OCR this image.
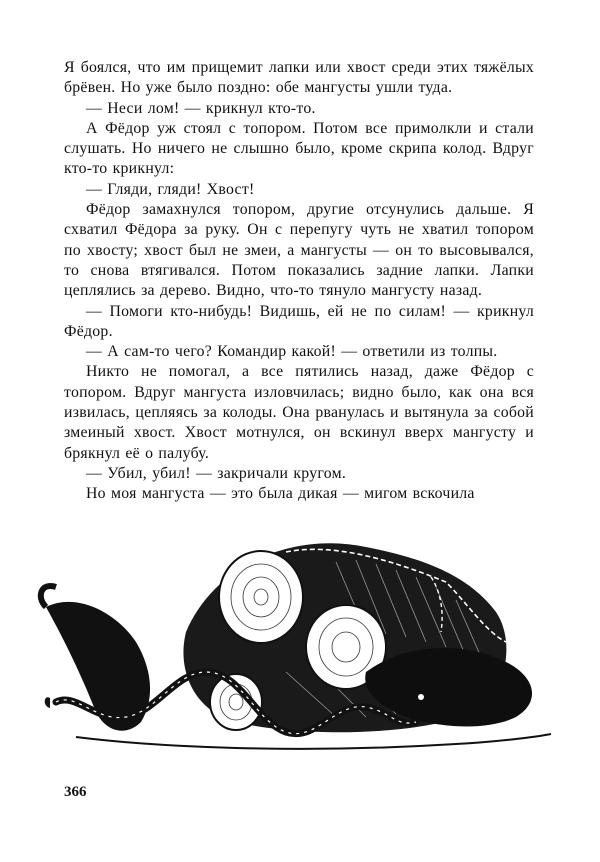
Я боялся, что им прищемит лапки или хвост среди этих тяжёлых брёвен. Но уже было поздно: обе мангусты ушли туда.

— Неси лом! — крикнул кто-то.

А Фёдор уж стоял с топором. Потом все примолкли и стали слушать. Но ничего не слышно было, кроме скрипа колод. Вдруг кто-то крикнул:

— Гляди, гляди! Хвост!

Фёдор замахнулся топором, другие отсунулись дальше. Я схватил Фёдора за руку. Он с перепугу чуть не хватил топором по хвосту; хвост был не змеи, а мангусты — он то высовывался, то снова втягивался. Потом показались задние лапки. Лапки цеплялись за дерево. Видно, что-то тянуло мангусту назад.

— Помоги кто-нибудь! Видишь, ей не по силам! — крикнул Фёдор.

— А сам-то чего? Командир какой! — ответили из толпы.

Никто не помогал, а все пятились назад, даже Фёдор с топором. Вдруг мангуста изловчилась; видно было, как она вся извилась, цепляясь за колоды. Она рванулась и вытянула за собой змеиный хвост. Хвост мотнулся, он вскинул вверх мангусту и брякнул её о палубу.

— Убил, убил! — закричали кругом.

Но моя мангуста — это была дикая — мигом вскочила

366
